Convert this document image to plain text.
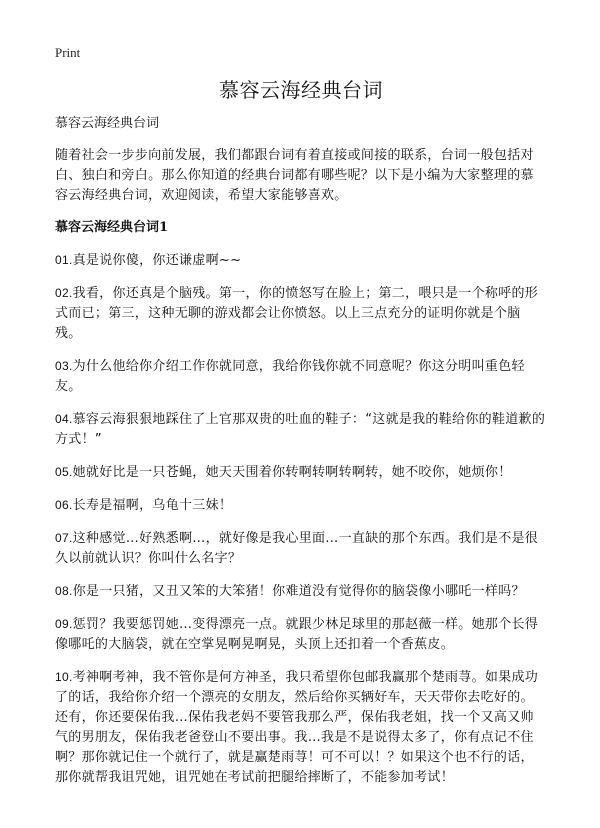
Print
慕容云海经典台词
慕容云海经典台词

随着社会一步步向前发展，我们都跟台词有着直接或间接的联系，台词一般包括对白、独白和旁白。那么你知道的经典台词都有哪些呢？以下是小编为大家整理的慕容云海经典台词，欢迎阅读，希望大家能够喜欢。

慕容云海经典台词1

01.真是说你傻，你还谦虚啊~~

02.我看，你还真是个脑残。第一，你的愤怒写在脸上；第二，喂只是一个称呼的形式而已；第三，这种无聊的游戏都会让你愤怒。以上三点充分的证明你就是个脑残。

03.为什么他给你介绍工作你就同意，我给你钱你就不同意呢？你这分明叫重色轻友。

04.慕容云海狠狠地踩住了上官那双贵的吐血的鞋子：“这就是我的鞋给你的鞋道歉的方式！”

05.她就好比是一只苍蝇，她天天围着你转啊转啊转啊转，她不咬你，她烦你！

06.长寿是福啊，乌龟十三妹！

07.这种感觉…好熟悉啊…，就好像是我心里面…一直缺的那个东西。我们是不是很久以前就认识？你叫什么名字？

08.你是一只猪，又丑又笨的大笨猪！你难道没有觉得你的脑袋像小哪吒一样吗？

09.惩罚？我要惩罚她…变得漂亮一点。就跟少林足球里的那赵薇一样。她那个长得像哪吒的大脑袋，就在空掌晃啊晃啊晃，头顶上还扣着一个香蕉皮。

10.考神啊考神，我不管你是何方神圣，我只希望你包邮我赢那个楚雨荨。如果成功了的话，我给你介绍一个漂亮的女朋友，然后给你买辆好车，天天带你去吃好的。还有，你还要保佑我…保佑我老妈不要管我那么严，保佑我老姐，找一个又高又帅气的男朋友，保佑我老爸登山不要出事。我…我是不是说得太多了，你有点记不住啊？那你就记住一个就行了，就是赢楚雨荨！可不可以！？如果这个也不行的话，那你就帮我诅咒她，诅咒她在考试前把腿给摔断了，不能参加考试！
